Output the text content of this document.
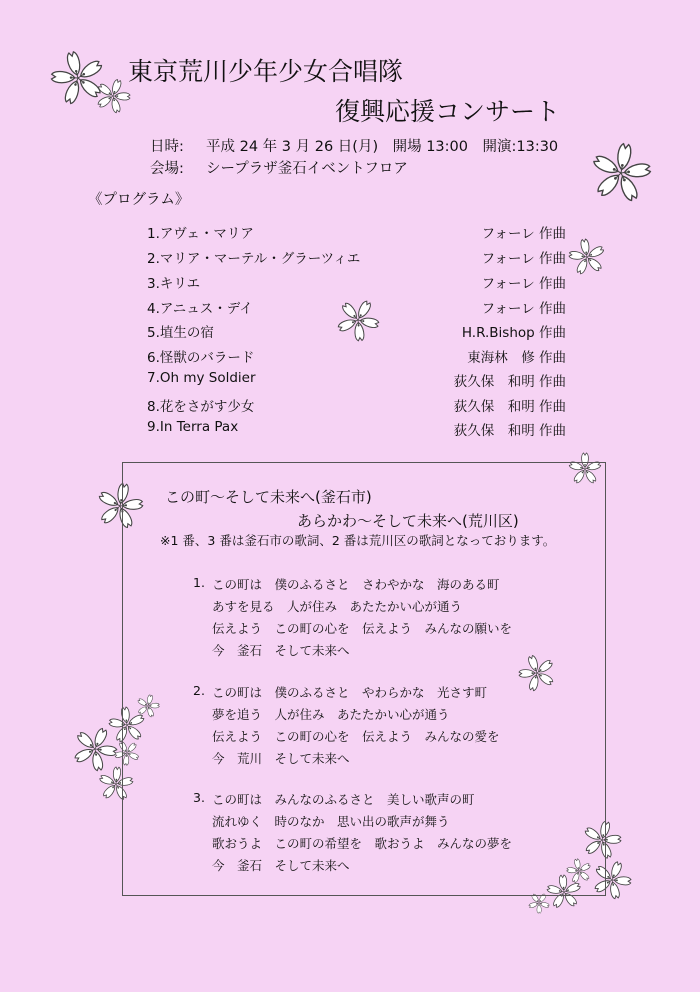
東京荒川少年少女合唱隊
復興応援コンサート
日時: 平成 24 年 3 月 26 日(月)　開場 13:00　開演:13:30
会場: シープラザ釜石イベントフロア
《プログラム》
1.アヴェ・マリア	フォーレ 作曲
2.マリア・マーテル・グラーツィエ	フォーレ 作曲
3.キリエ	フォーレ 作曲
4.アニュス・デイ	フォーレ 作曲
5.埴生の宿	H.R.Bishop 作曲
6.怪獣のバラード	東海林　修 作曲
7.Oh my Soldier	荻久保　和明 作曲
8.花をさがす少女	荻久保　和明 作曲
9.In Terra Pax	荻久保　和明 作曲
この町～そして未来へ(釜石市)
あらかわ～そして未来へ(荒川区)
※1 番、3 番は釜石市の歌詞、2 番は荒川区の歌詞となっております。
1. この町は　僕のふるさと　さわやかな　海のある町
あすを見る　人が住み　あたたかい心が通う
伝えよう　この町の心を　伝えよう　みんなの願いを
今　釜石　そして未来へ
2. この町は　僕のふるさと　やわらかな　光さす町
夢を追う　人が住み　あたたかい心が通う
伝えよう　この町の心を　伝えよう　みんなの愛を
今　荒川　そして未来へ
3. この町は　みんなのふるさと　美しい歌声の町
流れゆく　時のなか　思い出の歌声が舞う
歌おうよ　この町の希望を　歌おうよ　みんなの夢を
今　釜石　そして未来へ
